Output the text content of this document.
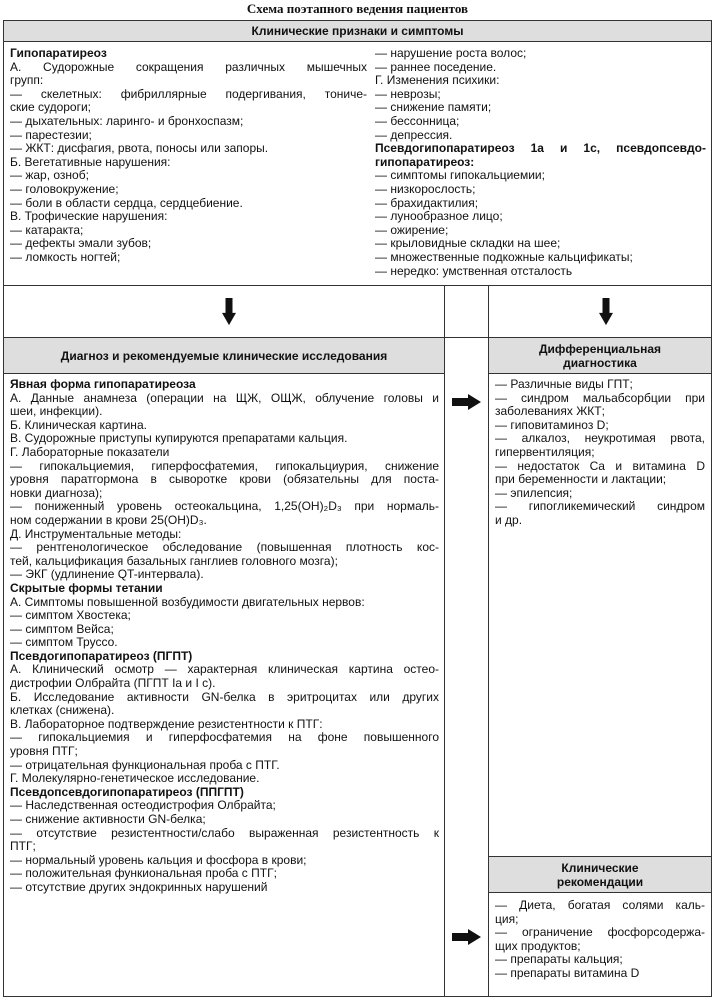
Схема поэтапного ведения пациентов
Клинические признаки и симптомы
Гипопаратиреоз
А. Судорожные сокращения различных мышечных
групп:
— скелетных: фибриллярные подергивания, тониче-
ские судороги;
— дыхательных: ларинго- и бронхоспазм;
— парестезии;
— ЖКТ: дисфагия, рвота, поносы или запоры.
Б. Вегетативные нарушения:
— жар, озноб;
— головокружение;
— боли в области сердца, сердцебиение.
В. Трофические нарушения:
— катаракта;
— дефекты эмали зубов;
— ломкость ногтей;
— нарушение роста волос;
— раннее поседение.
Г. Изменения психики:
— неврозы;
— снижение памяти;
— бессонница;
— депрессия.
Псевдогипопаратиреоз 1а и 1с, псевдопсевдо-
гипопаратиреоз:
— симптомы гипокальциемии;
— низкорослость;
— брахидактилия;
— лунообразное лицо;
— ожирение;
— крыловидные складки на шее;
— множественные подкожные кальцификаты;
— нередко: умственная отсталость
Диагноз и рекомендуемые клинические исследования
Явная форма гипопаратиреоза
А. Данные анамнеза (операции на ЩЖ, ОЩЖ, облучение головы и
шеи, инфекции).
Б. Клиническая картина.
В. Судорожные приступы купируются препаратами кальция.
Г. Лабораторные показатели
— гипокальциемия, гиперфосфатемия, гипокальциурия, снижение
уровня паратгормона в сыворотке крови (обязательны для поста-
новки диагноза);
— пониженный уровень остеокальцина, 1,25(OH)₂D₃ при нормаль-
ном содержании в крови 25(OH)D₃.
Д. Инструментальные методы:
— рентгенологическое обследование (повышенная плотность кос-
тей, кальцификация базальных ганглиев головного мозга);
— ЭКГ (удлинение QT-интервала).
Скрытые формы тетании
А. Симптомы повышенной возбудимости двигательных нервов:
— симптом Хвостека;
— симптом Вейса;
— симптом Труссо.
Псевдогипопаратиреоз (ПГПТ)
А. Клинический осмотр — характерная клиническая картина остео-
дистрофии Олбрайта (ПГПТ Ia и I c).
Б. Исследование активности GN-белка в эритроцитах или других
клетках (снижена).
В. Лабораторное подтверждение резистентности к ПТГ:
— гипокальциемия и гиперфосфатемия на фоне повышенного
уровня ПТГ;
— отрицательная функциональная проба с ПТГ.
Г. Молекулярно-генетическое исследование.
Псевдопсевдогипопаратиреоз (ППГПТ)
— Наследственная остеодистрофия Олбрайта;
— снижение активности GN-белка;
— отсутствие резистентности/слабо выраженная резистентность к
ПТГ;
— нормальный уровень кальция и фосфора в крови;
— положительная функиональная проба с ПТГ;
— отсутствие других эндокринных нарушений
Дифференциальная
диагностика
— Различные виды ГПТ;
— синдром мальабсорбции при
заболеваниях ЖКТ;
— гиповитаминоз D;
— алкалоз, неукротимая рвота,
гипервентиляция;
— недостаток Ca и витамина D
при беременности и лактации;
— эпилепсия;
— гипогликемический синдром
и др.
Клинические
рекомендации
— Диета, богатая солями каль-
ция;
— ограничение фосфорсодержа-
щих продуктов;
— препараты кальция;
— препараты витамина D
